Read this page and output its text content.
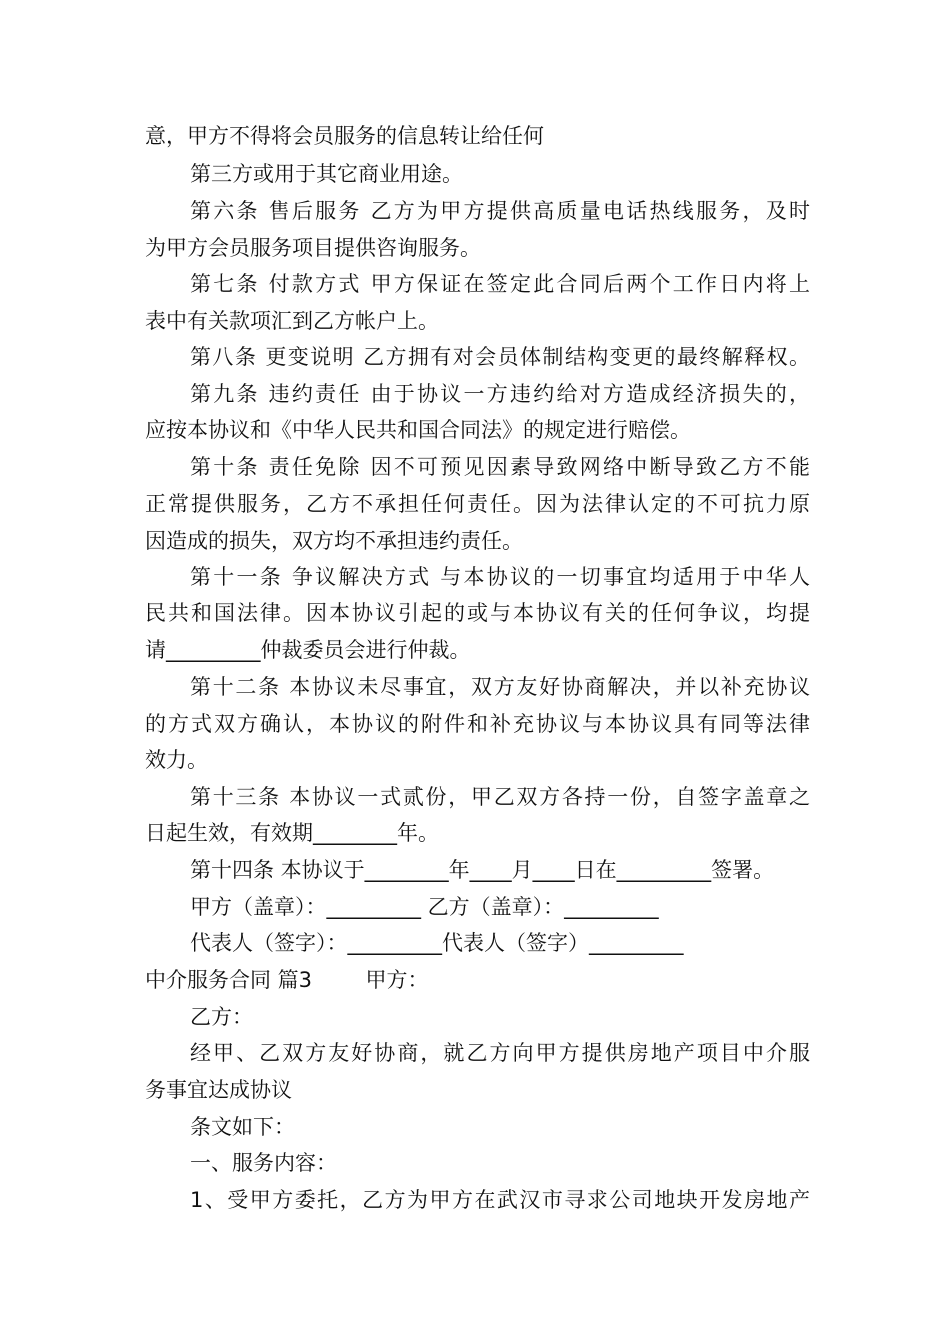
意，甲方不得将会员服务的信息转让给任何
第三方或用于其它商业用途。
第六条 售后服务 乙方为甲方提供高质量电话热线服务，及时
为甲方会员服务项目提供咨询服务。
第七条 付款方式 甲方保证在签定此合同后两个工作日内将上
表中有关款项汇到乙方帐户上。
第八条 更变说明 乙方拥有对会员体制结构变更的最终解释权。
第九条 违约责任 由于协议一方违约给对方造成经济损失的，
应按本协议和《中华人民共和国合同法》的规定进行赔偿。
第十条 责任免除 因不可预见因素导致网络中断导致乙方不能
正常提供服务，乙方不承担任何责任。因为法律认定的不可抗力原
因造成的损失，双方均不承担违约责任。
第十一条 争议解决方式 与本协议的一切事宜均适用于中华人
民共和国法律。因本协议引起的或与本协议有关的任何争议，均提
请_________仲裁委员会进行仲裁。
第十二条 本协议未尽事宜，双方友好协商解决，并以补充协议
的方式双方确认，本协议的附件和补充协议与本协议具有同等法律
效力。
第十三条 本协议一式贰份，甲乙双方各持一份，自签字盖章之
日起生效，有效期________年。
第十四条 本协议于________年____月____日在_________签署。
甲方（盖章）：_________ 乙方（盖章）：_________
代表人（签字）：_________代表人（签字）_________
中介服务合同 篇3        甲方：
乙方：
经甲、乙双方友好协商，就乙方向甲方提供房地产项目中介服
务事宜达成协议
条文如下：
一、服务内容：
1、受甲方委托，乙方为甲方在武汉市寻求公司地块开发房地产
